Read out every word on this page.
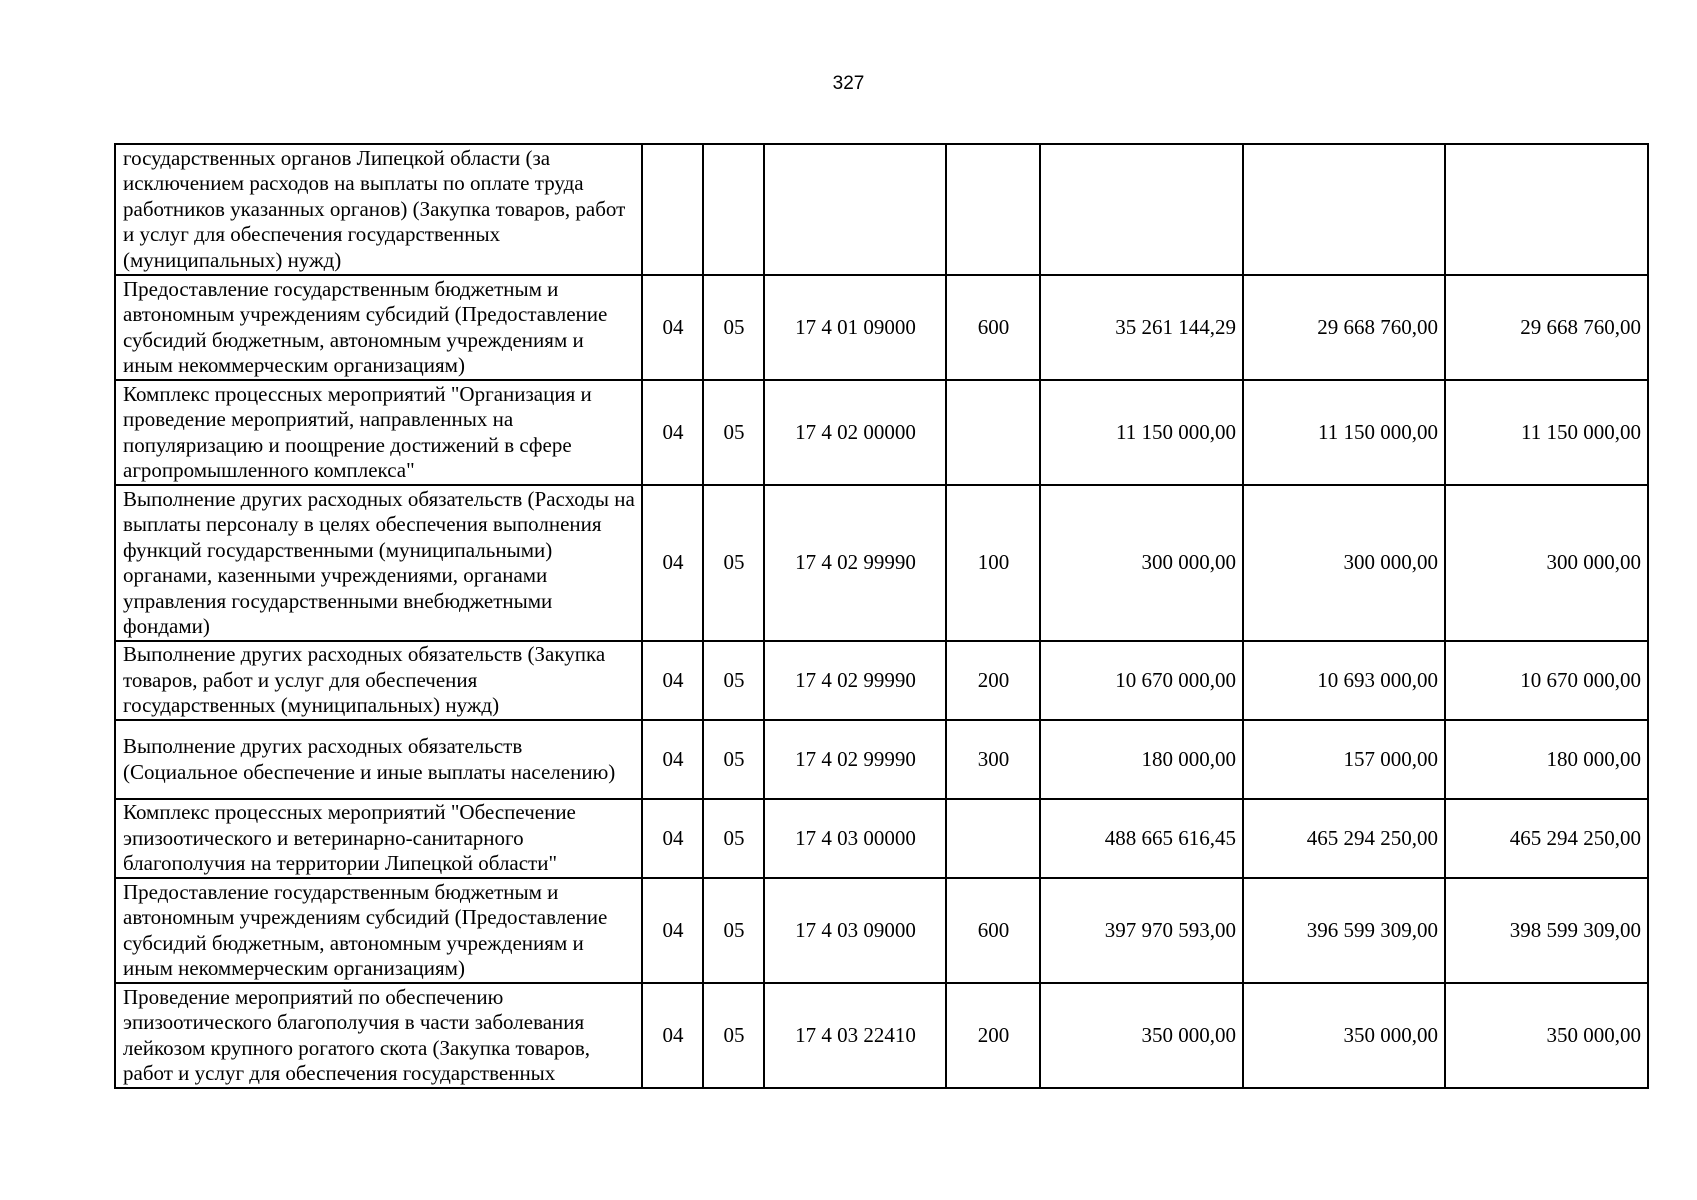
327
государственных органов Липецкой области (за исключением расходов на выплаты по оплате труда работников указанных органов) (Закупка товаров, работ и услуг для обеспечения государственных (муниципальных) нужд)							
Предоставление государственным бюджетным и автономным учреждениям субсидий (Предоставление субсидий бюджетным, автономным учреждениям и иным некоммерческим организациям)	04	05	17 4 01 09000	600	35 261 144,29	29 668 760,00	29 668 760,00
Комплекс процессных мероприятий "Организация и проведение мероприятий, направленных на популяризацию и поощрение достижений в сфере агропромышленного комплекса"	04	05	17 4 02 00000		11 150 000,00	11 150 000,00	11 150 000,00
Выполнение других расходных обязательств (Расходы на выплаты персоналу в целях обеспечения выполнения функций государственными (муниципальными) органами, казенными учреждениями, органами управления государственными внебюджетными фондами)	04	05	17 4 02 99990	100	300 000,00	300 000,00	300 000,00
Выполнение других расходных обязательств (Закупка товаров, работ и услуг для обеспечения государственных (муниципальных) нужд)	04	05	17 4 02 99990	200	10 670 000,00	10 693 000,00	10 670 000,00
Выполнение других расходных обязательств (Социальное обеспечение и иные выплаты населению)	04	05	17 4 02 99990	300	180 000,00	157 000,00	180 000,00
Комплекс процессных мероприятий "Обеспечение эпизоотического и ветеринарно-санитарного благополучия на территории Липецкой области"	04	05	17 4 03 00000		488 665 616,45	465 294 250,00	465 294 250,00
Предоставление государственным бюджетным и автономным учреждениям субсидий (Предоставление субсидий бюджетным, автономным учреждениям и иным некоммерческим организациям)	04	05	17 4 03 09000	600	397 970 593,00	396 599 309,00	398 599 309,00
Проведение мероприятий по обеспечению эпизоотического благополучия в части заболевания лейкозом крупного рогатого скота (Закупка товаров, работ и услуг для обеспечения государственных	04	05	17 4 03 22410	200	350 000,00	350 000,00	350 000,00
